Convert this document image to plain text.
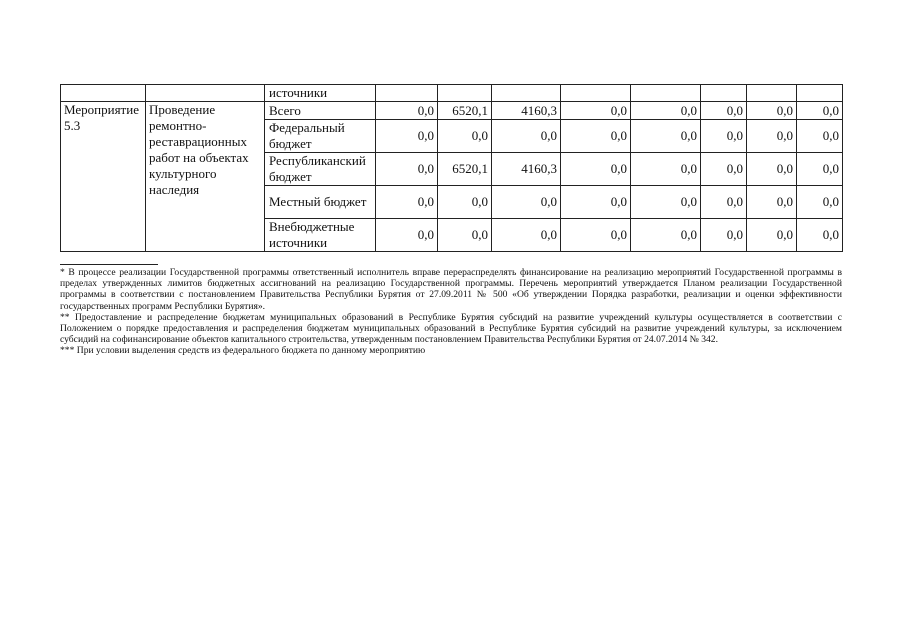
		источники								
Мероприятие 5.3	Проведение ремонтно-реставрационных работ на объектах культурного наследия	Всего	0,0	6520,1	4160,3	0,0	0,0	0,0	0,0	0,0
		Федеральный бюджет	0,0	0,0	0,0	0,0	0,0	0,0	0,0	0,0
		Республиканский бюджет	0,0	6520,1	4160,3	0,0	0,0	0,0	0,0	0,0
		Местный бюджет	0,0	0,0	0,0	0,0	0,0	0,0	0,0	0,0
		Внебюджетные источники	0,0	0,0	0,0	0,0	0,0	0,0	0,0	0,0

* В процессе реализации Государственной программы ответственный исполнитель вправе перераспределять финансирование на реализацию мероприятий Государственной программы в пределах утвержденных лимитов бюджетных ассигнований на реализацию Государственной программы. Перечень мероприятий утверждается Планом реализации Государственной программы в соответствии с постановлением Правительства Республики Бурятия от 27.09.2011 № 500 «Об утверждении Порядка разработки, реализации и оценки эффективности государственных программ Республики Бурятия».

** Предоставление и распределение бюджетам муниципальных образований в Республике Бурятия субсидий на развитие учреждений культуры осуществляется в соответствии с Положением о порядке предоставления и распределения бюджетам муниципальных образований в Республике Бурятия субсидий на развитие учреждений культуры, за исключением субсидий на софинансирование объектов капитального строительства, утвержденным постановлением Правительства Республики Бурятия от 24.07.2014 № 342.

*** При условии выделения средств из федерального бюджета по данному мероприятию
